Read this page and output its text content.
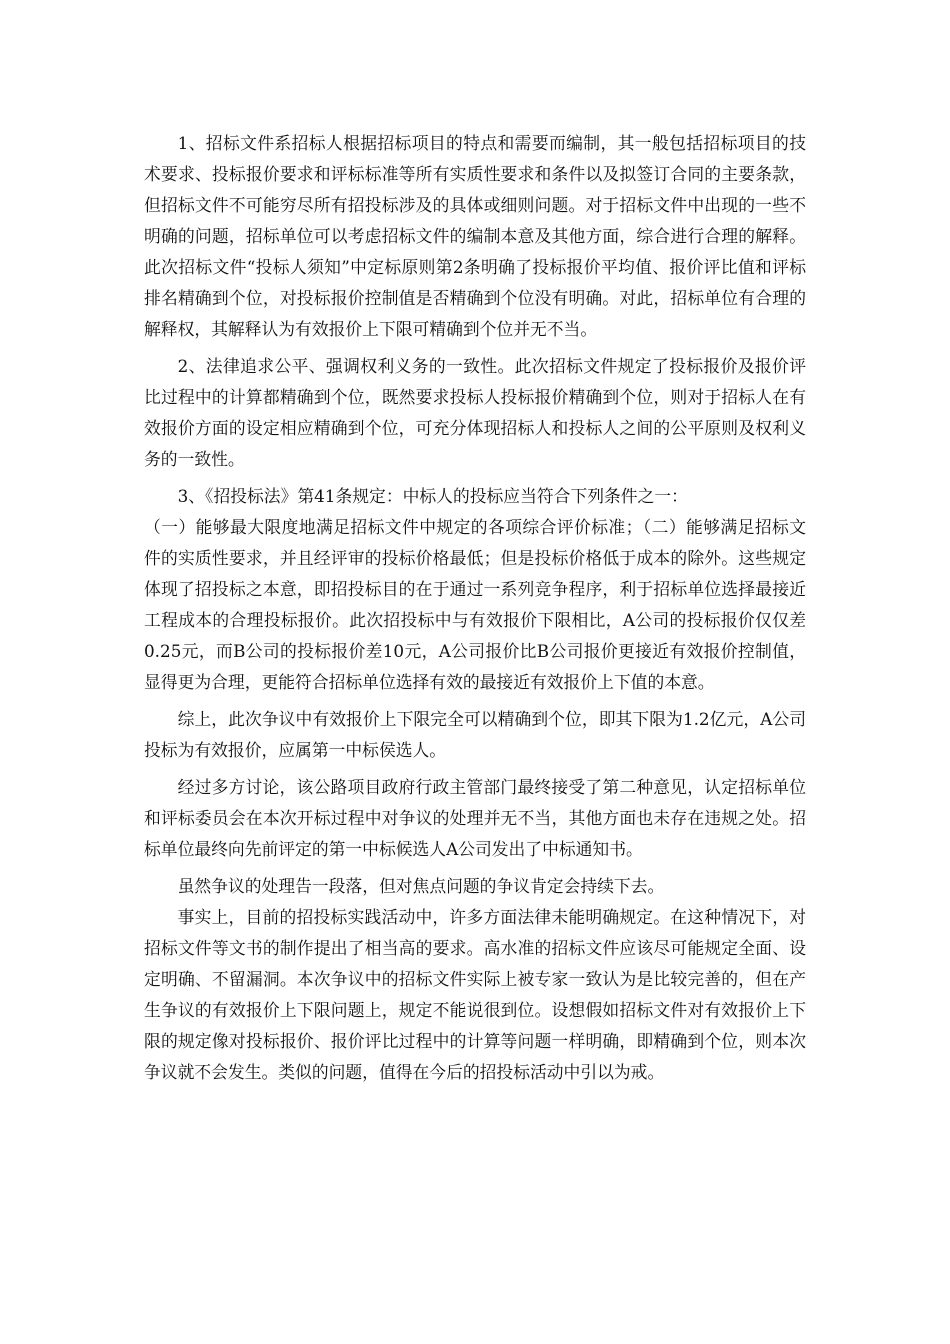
1、招标文件系招标人根据招标项目的特点和需要而编制，其一般包括招标项目的技术要求、投标报价要求和评标标准等所有实质性要求和条件以及拟签订合同的主要条款，但招标文件不可能穷尽所有招投标涉及的具体或细则问题。对于招标文件中出现的一些不明确的问题，招标单位可以考虑招标文件的编制本意及其他方面，综合进行合理的解释。此次招标文件“投标人须知”中定标原则第2条明确了投标报价平均值、报价评比值和评标排名精确到个位，对投标报价控制值是否精确到个位没有明确。对此，招标单位有合理的解释权，其解释认为有效报价上下限可精确到个位并无不当。

2、法律追求公平、强调权利义务的一致性。此次招标文件规定了投标报价及报价评比过程中的计算都精确到个位，既然要求投标人投标报价精确到个位，则对于招标人在有效报价方面的设定相应精确到个位，可充分体现招标人和投标人之间的公平原则及权利义务的一致性。

3、《招投标法》第41条规定：中标人的投标应当符合下列条件之一：

（一）能够最大限度地满足招标文件中规定的各项综合评价标准；（二）能够满足招标文件的实质性要求，并且经评审的投标价格最低；但是投标价格低于成本的除外。这些规定体现了招投标之本意，即招投标目的在于通过一系列竞争程序，利于招标单位选择最接近工程成本的合理投标报价。此次招投标中与有效报价下限相比，A公司的投标报价仅仅差0.25元，而B公司的投标报价差10元，A公司报价比B公司报价更接近有效报价控制值，显得更为合理，更能符合招标单位选择有效的最接近有效报价上下值的本意。

综上，此次争议中有效报价上下限完全可以精确到个位，即其下限为1.2亿元，A公司投标为有效报价，应属第一中标侯选人。

经过多方讨论，该公路项目政府行政主管部门最终接受了第二种意见，认定招标单位和评标委员会在本次开标过程中对争议的处理并无不当，其他方面也未存在违规之处。招标单位最终向先前评定的第一中标候选人A公司发出了中标通知书。

虽然争议的处理告一段落，但对焦点问题的争议肯定会持续下去。

事实上，目前的招投标实践活动中，许多方面法律未能明确规定。在这种情况下，对招标文件等文书的制作提出了相当高的要求。高水准的招标文件应该尽可能规定全面、设定明确、不留漏洞。本次争议中的招标文件实际上被专家一致认为是比较完善的，但在产生争议的有效报价上下限问题上，规定不能说很到位。设想假如招标文件对有效报价上下限的规定像对投标报价、报价评比过程中的计算等问题一样明确，即精确到个位，则本次争议就不会发生。类似的问题，值得在今后的招投标活动中引以为戒。
